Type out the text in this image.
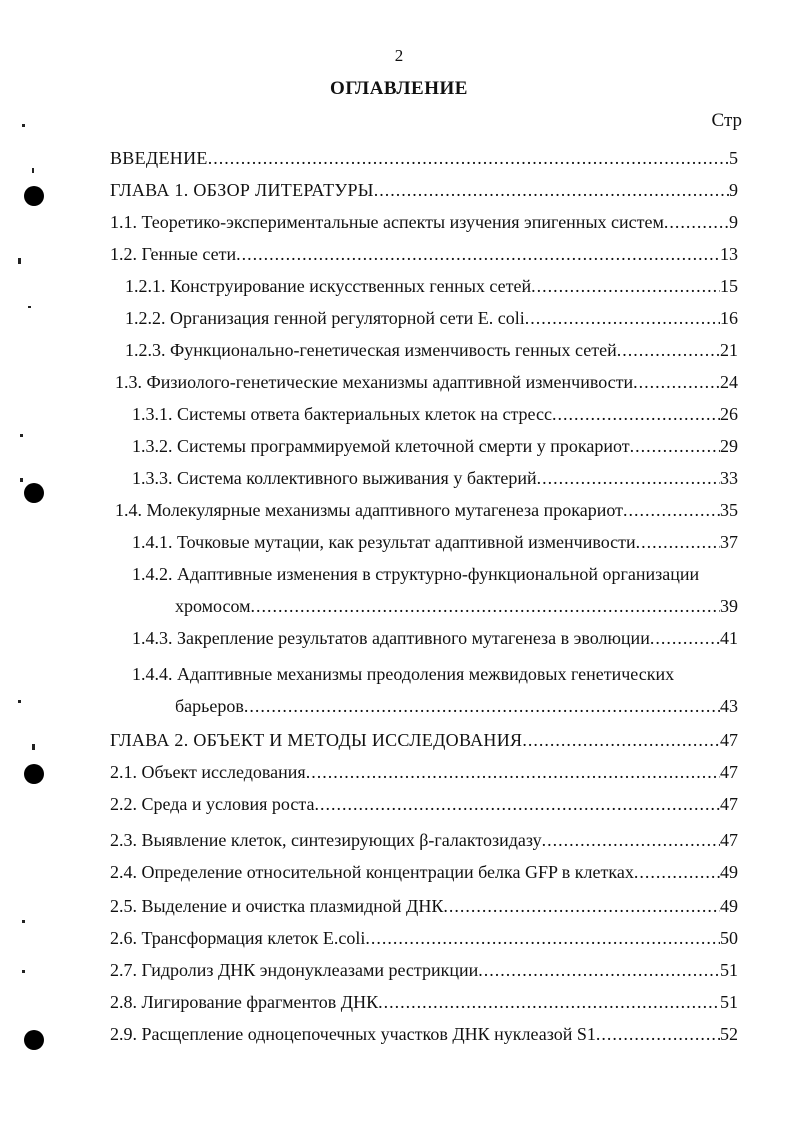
2
ОГЛАВЛЕНИЕ
Стр
ВВЕДЕНИЕ .....	5
ГЛАВА 1. ОБЗОР ЛИТЕРАТУРЫ .....	9
1.1. Теоретико-экспериментальные аспекты изучения эпигенных систем .....	9
1.2. Генные сети .....	13
1.2.1. Конструирование искусственных генных сетей .....	15
1.2.2. Организация генной регуляторной сети E. coli .....	16
1.2.3. Функционально-генетическая изменчивость генных сетей .....	21
1.3. Физиолого-генетические механизмы адаптивной изменчивости .....	24
1.3.1. Системы ответа бактериальных клеток на стресс .....	26
1.3.2. Системы программируемой клеточной смерти у прокариот .....	29
1.3.3. Система коллективного выживания у бактерий .....	33
1.4. Молекулярные механизмы адаптивного мутагенеза прокариот .....	35
1.4.1. Точковые мутации, как результат адаптивной изменчивости .....	37
1.4.2. Адаптивные изменения в структурно-функциональной организации
хромосом .....	39
1.4.3. Закрепление результатов адаптивного мутагенеза в эволюции .....	41
1.4.4. Адаптивные механизмы преодоления межвидовых генетических
барьеров .....	43
ГЛАВА 2. ОБЪЕКТ И МЕТОДЫ ИССЛЕДОВАНИЯ .....	47
2.1. Объект исследования .....	47
2.2. Среда и условия роста .....	47
2.3. Выявление клеток, синтезирующих β-галактозидазу .....	47
2.4. Определение относительной концентрации белка GFP в клетках .....	49
2.5. Выделение и очистка плазмидной ДНК .....	49
2.6. Трансформация клеток E.coli .....	50
2.7. Гидролиз ДНК эндонуклеазами рестрикции .....	51
2.8. Лигирование фрагментов ДНК .....	51
2.9. Расщепление одноцепочечных участков ДНК нуклеазой S1 .....	52
